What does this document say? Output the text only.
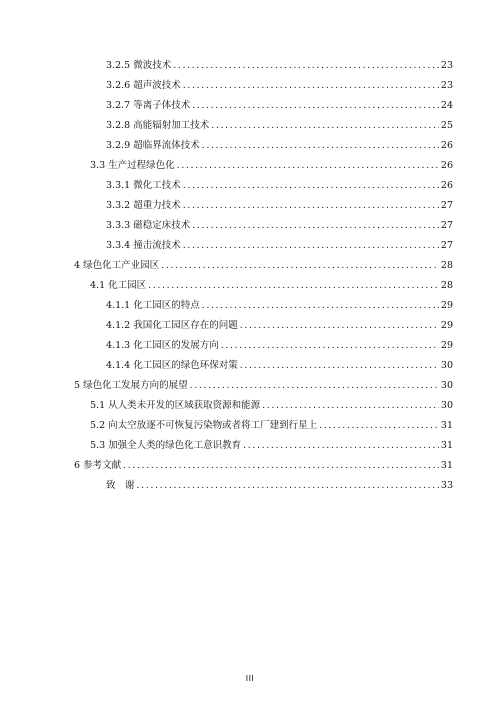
3.2.5 微波技术 .....	23
3.2.6 超声波技术 .....	23
3.2.7 等离子体技术 .....	24
3.2.8 高能辐射加工技术 .....	25
3.2.9 超临界流体技术 .....	26
3.3 生产过程绿色化 .....	26
3.3.1 微化工技术 .....	26
3.3.2 超重力技术 .....	27
3.3.3 磁稳定床技术 .....	27
3.3.4 撞击流技术 .....	27
4 绿色化工产业园区 .....	28
4.1 化工园区 .....	28
4.1.1 化工园区的特点 .....	29
4.1.2 我国化工园区存在的问题 .....	29
4.1.3 化工园区的发展方向 .....	29
4.1.4 化工园区的绿色环保对策 .....	30
5 绿色化工发展方向的展望 .....	30
5.1 从人类未开发的区域获取资源和能源 .....	30
5.2 向太空放逐不可恢复污染物或者将工厂建到行星上 .....	31
5.3 加强全人类的绿色化工意识教育 .....	31
6 参考文献 .....	31
致　谢 .....	33
III
